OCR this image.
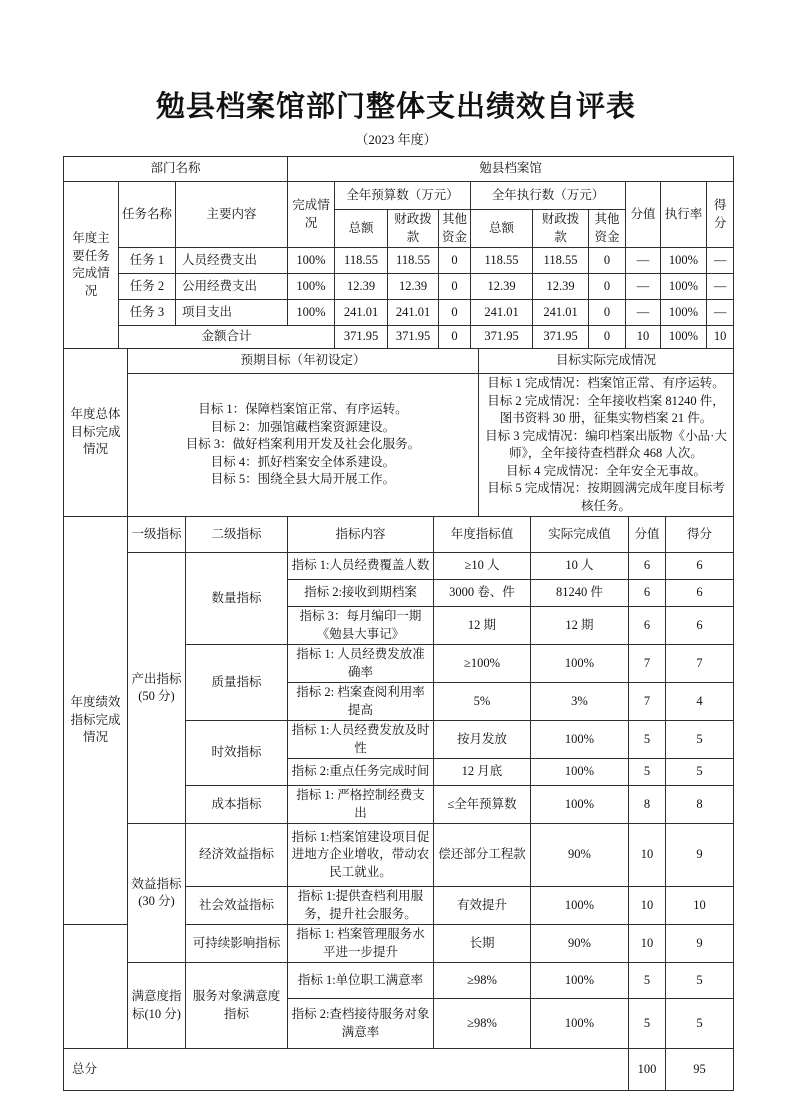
勉县档案馆部门整体支出绩效自评表
（2023 年度）
部门名称			勉县档案馆									
年度主要任务完成情况	任务名称	主要内容	完成情况	全年预算数（万元）			全年执行数（万元）			分值	执行率	得分
				总额	财政拨款	其他资金	总额	财政拨款	其他资金			
	任务 1	人员经费支出	100%	118.55	118.55	0	118.55	118.55	0	—	100%	—
	任务 2	公用经费支出	100%	12.39	12.39	0	12.39	12.39	0	—	100%	—
	任务 3	项目支出	100%	241.01	241.01	0	241.01	241.01	0	—	100%	—
	金额合计			371.95	371.95	0	371.95	371.95	0	10	100%	10
年度总体目标完成情况	预期目标（年初设定）	目标实际完成情况

目标 1：保障档案馆正常、有序运转。
目标 2：加强馆藏档案资源建设。
目标 3：做好档案利用开发及社会化服务。
目标 4：抓好档案安全体系建设。
目标 5：围绕全县大局开展工作。

目标 1 完成情况：档案馆正常、有序运转。
目标 2 完成情况：全年接收档案 81240 件，图书资料 30 册，征集实物档案 21 件。
目标 3 完成情况：编印档案出版物《小品·大师》，全年接待查档群众 468 人次。
目标 4 完成情况：全年安全无事故。
目标 5 完成情况：按期圆满完成年度目标考核任务。
年度绩效指标完成情况	一级指标	二级指标	指标内容	年度指标值	实际完成值	分值	得分
	产出指标(50 分)	数量指标	指标 1:人员经费覆盖人数	≥10 人	10 人	6	6
			指标 2:接收到期档案	3000 卷、件	81240 件	6	6
			指标 3：每月编印一期《勉县大事记》	12 期	12 期	6	6
		质量指标	指标 1: 人员经费发放准确率	≥100%	100%	7	7
			指标 2: 档案查阅利用率提高	5%	3%	7	4
		时效指标	指标 1:人员经费发放及时性	按月发放	100%	5	5
			指标 2:重点任务完成时间	12 月底	100%	5	5
		成本指标	指标 1: 严格控制经费支出	≤全年预算数	100%	8	8
	效益指标(30 分)	经济效益指标	指标 1:档案馆建设项目促进地方企业增收，带动农民工就业。	偿还部分工程款	90%	10	9
		社会效益指标	指标 1:提供查档利用服务，提升社会服务。	有效提升	100%	10	10
		可持续影响指标	指标 1: 档案管理服务水平进一步提升	长期	90%	10	9
	满意度指标(10 分)	服务对象满意度指标	指标 1:单位职工满意率	≥98%	100%	5	5
			指标 2:查档接待服务对象满意率	≥98%	100%	5	5
总分						100	95
